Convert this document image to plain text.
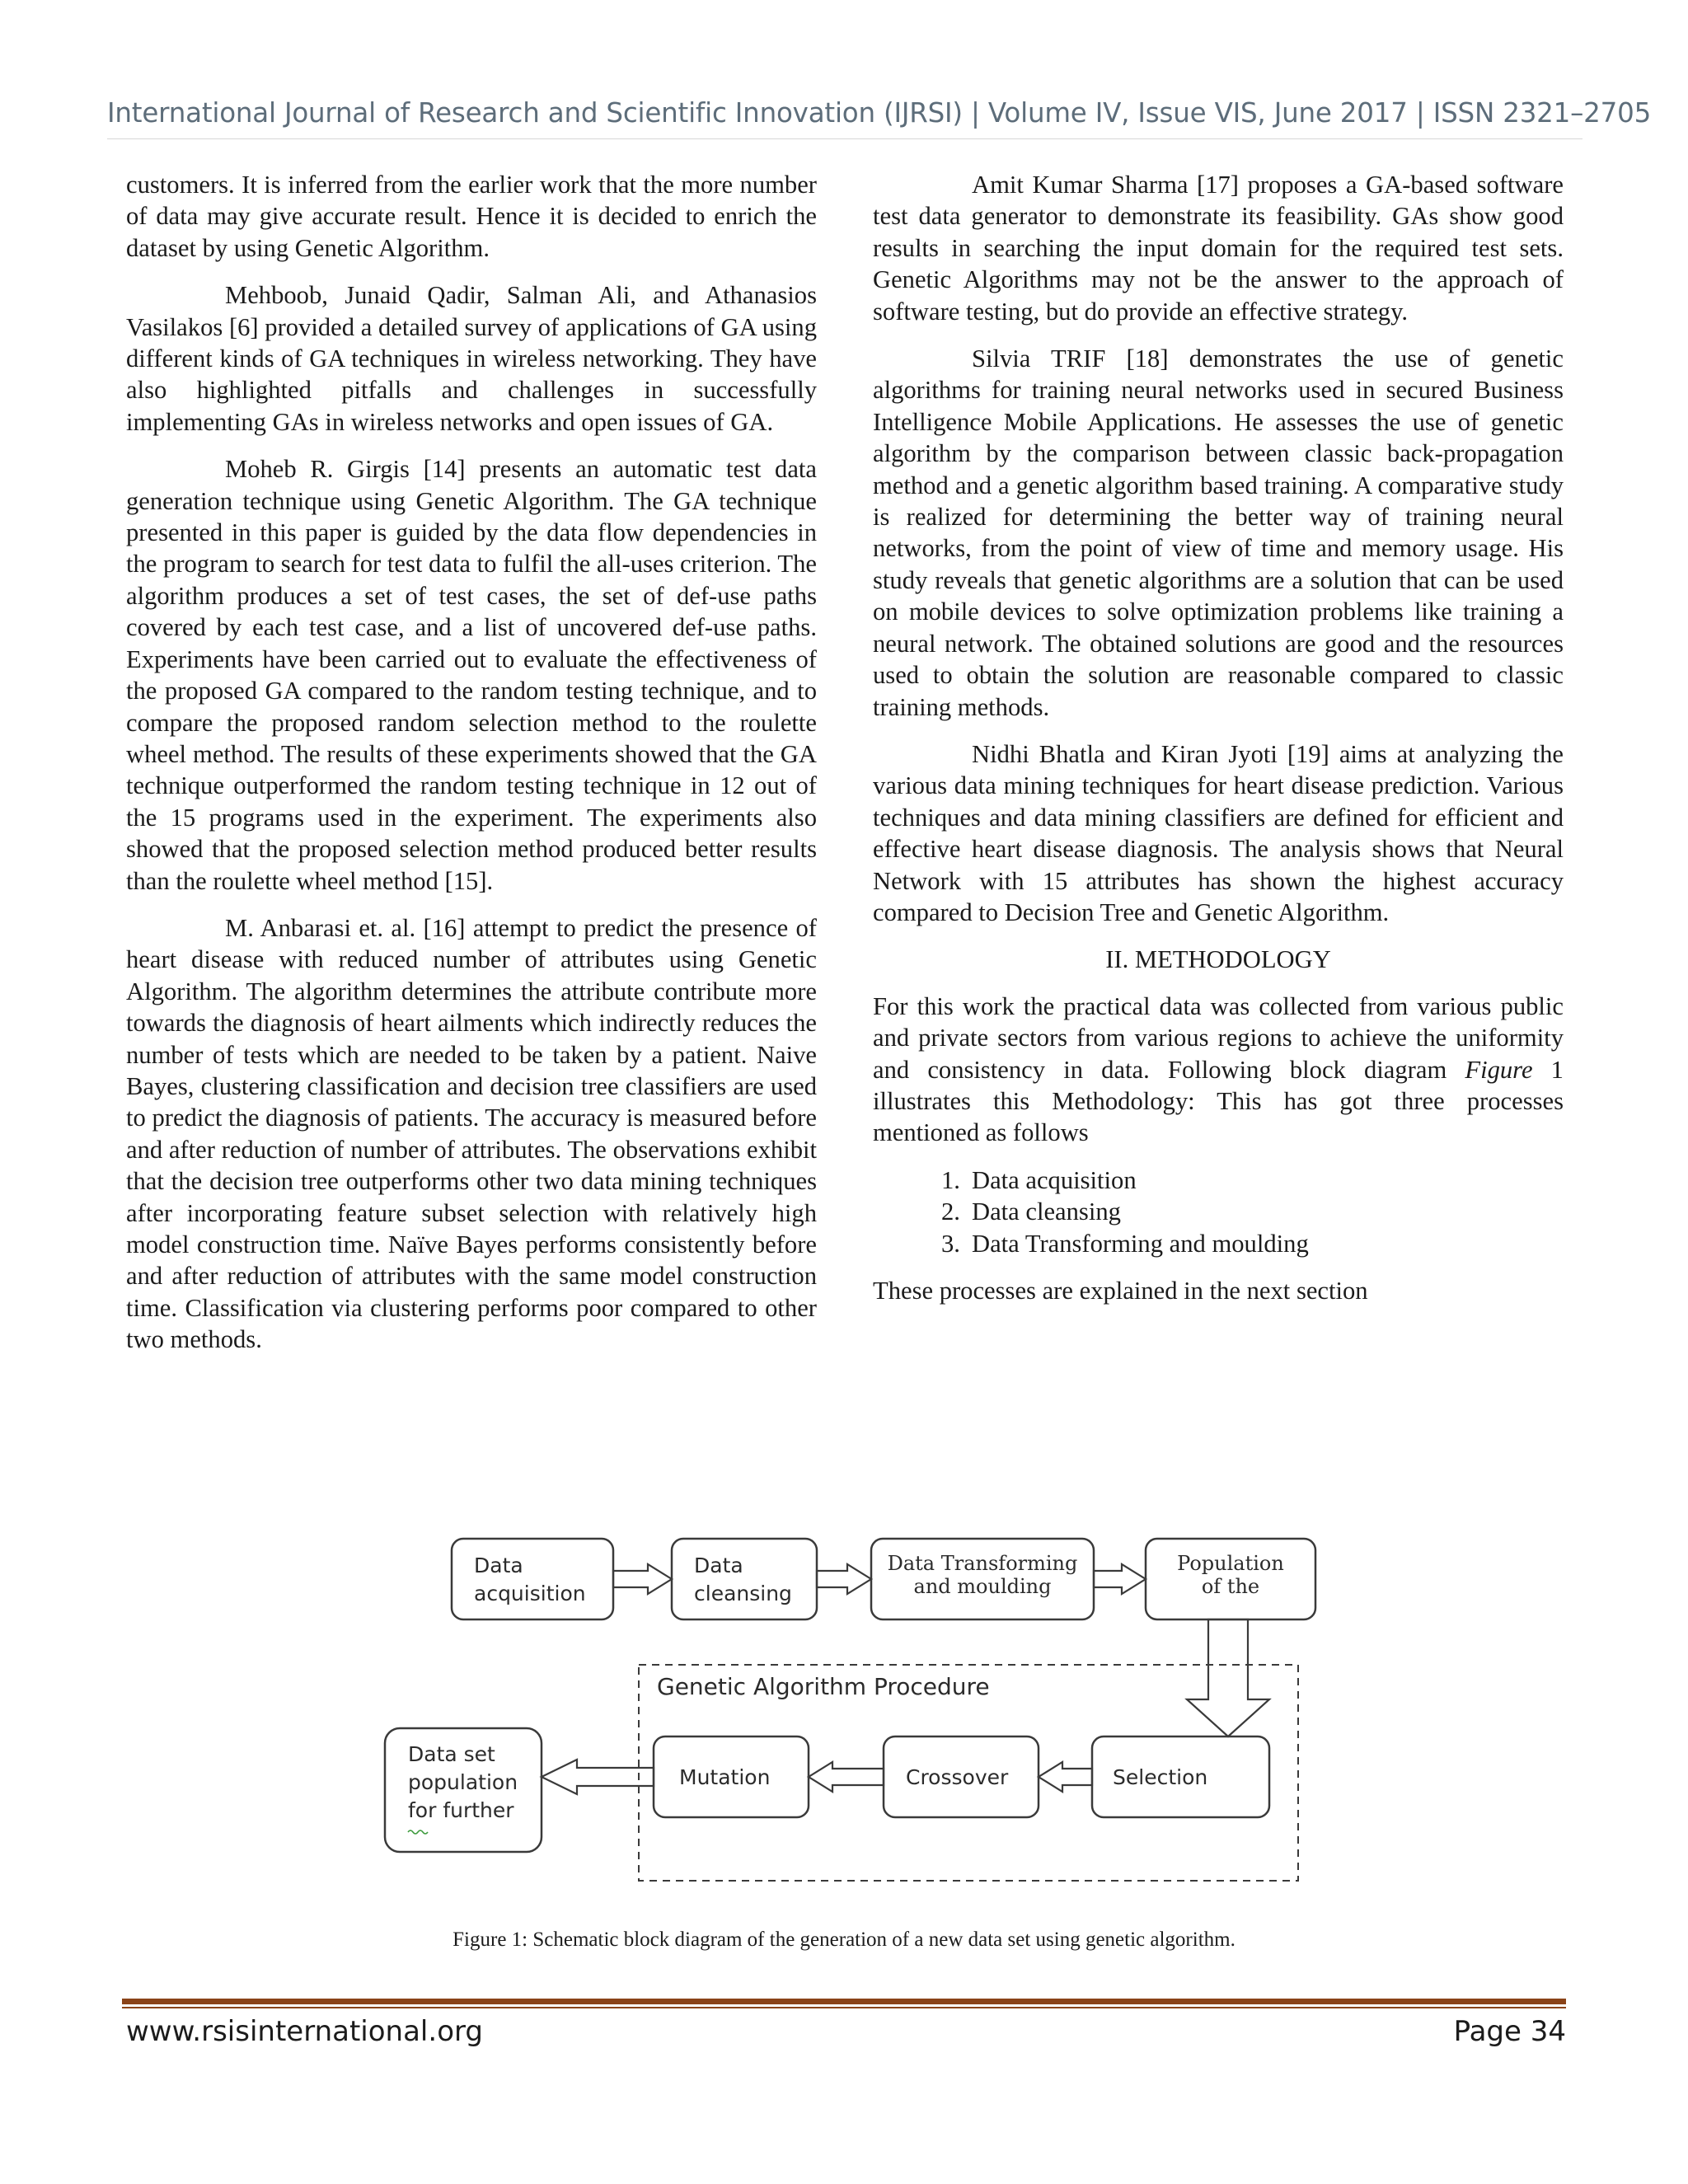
International Journal of Research and Scientific Innovation (IJRSI) | Volume IV, Issue VIS, June 2017 | ISSN 2321–2705

customers. It is inferred from the earlier work that the more number of data may give accurate result. Hence it is decided to enrich the dataset by using Genetic Algorithm.

Mehboob, Junaid Qadir, Salman Ali, and Athanasios Vasilakos [6] provided a detailed survey of applications of GA using different kinds of GA techniques in wireless networking. They have also highlighted pitfalls and challenges in successfully implementing GAs in wireless networks and open issues of GA.

Moheb R. Girgis [14] presents an automatic test data generation technique using Genetic Algorithm. The GA technique presented in this paper is guided by the data flow dependencies in the program to search for test data to fulfil the all-uses criterion. The algorithm produces a set of test cases, the set of def-use paths covered by each test case, and a list of uncovered def-use paths. Experiments have been carried out to evaluate the effectiveness of the proposed GA compared to the random testing technique, and to compare the proposed random selection method to the roulette wheel method. The results of these experiments showed that the GA technique outperformed the random testing technique in 12 out of the 15 programs used in the experiment. The experiments also showed that the proposed selection method produced better results than the roulette wheel method [15].

M. Anbarasi et. al. [16] attempt to predict the presence of heart disease with reduced number of attributes using Genetic Algorithm. The algorithm determines the attribute contribute more towards the diagnosis of heart ailments which indirectly reduces the number of tests which are needed to be taken by a patient. Naive Bayes, clustering classification and decision tree classifiers are used to predict the diagnosis of patients. The accuracy is measured before and after reduction of number of attributes. The observations exhibit that the decision tree outperforms other two data mining techniques after incorporating feature subset selection with relatively high model construction time. Naïve Bayes performs consistently before and after reduction of attributes with the same model construction time. Classification via clustering performs poor compared to other two methods.

Amit Kumar Sharma [17] proposes a GA-based software test data generator to demonstrate its feasibility. GAs show good results in searching the input domain for the required test sets. Genetic Algorithms may not be the answer to the approach of software testing, but do provide an effective strategy.

Silvia TRIF [18] demonstrates the use of genetic algorithms for training neural networks used in secured Business Intelligence Mobile Applications. He assesses the use of genetic algorithm by the comparison between classic back-propagation method and a genetic algorithm based training. A comparative study is realized for determining the better way of training neural networks, from the point of view of time and memory usage. His study reveals that genetic algorithms are a solution that can be used on mobile devices to solve optimization problems like training a neural network. The obtained solutions are good and the resources used to obtain the solution are reasonable compared to classic training methods.

Nidhi Bhatla and Kiran Jyoti [19] aims at analyzing the various data mining techniques for heart disease prediction. Various techniques and data mining classifiers are defined for efficient and effective heart disease diagnosis. The analysis shows that Neural Network with 15 attributes has shown the highest accuracy compared to Decision Tree and Genetic Algorithm.

II. METHODOLOGY

For this work the practical data was collected from various public and private sectors from various regions to achieve the uniformity and consistency in data. Following block diagram Figure 1 illustrates this Methodology: This has got three processes mentioned as follows

1. Data acquisition
2. Data cleansing
3. Data Transforming and moulding

These processes are explained in the next section

Data
acquisition
Data
cleansing
Data Transforming
and moulding
Population
of the
Genetic Algorithm Procedure
Selection
Crossover
Mutation
Data set
population
for further
Figure 1: Schematic block diagram of the generation of a new data set using genetic algorithm.
www.rsisinternational.org	Page 34
